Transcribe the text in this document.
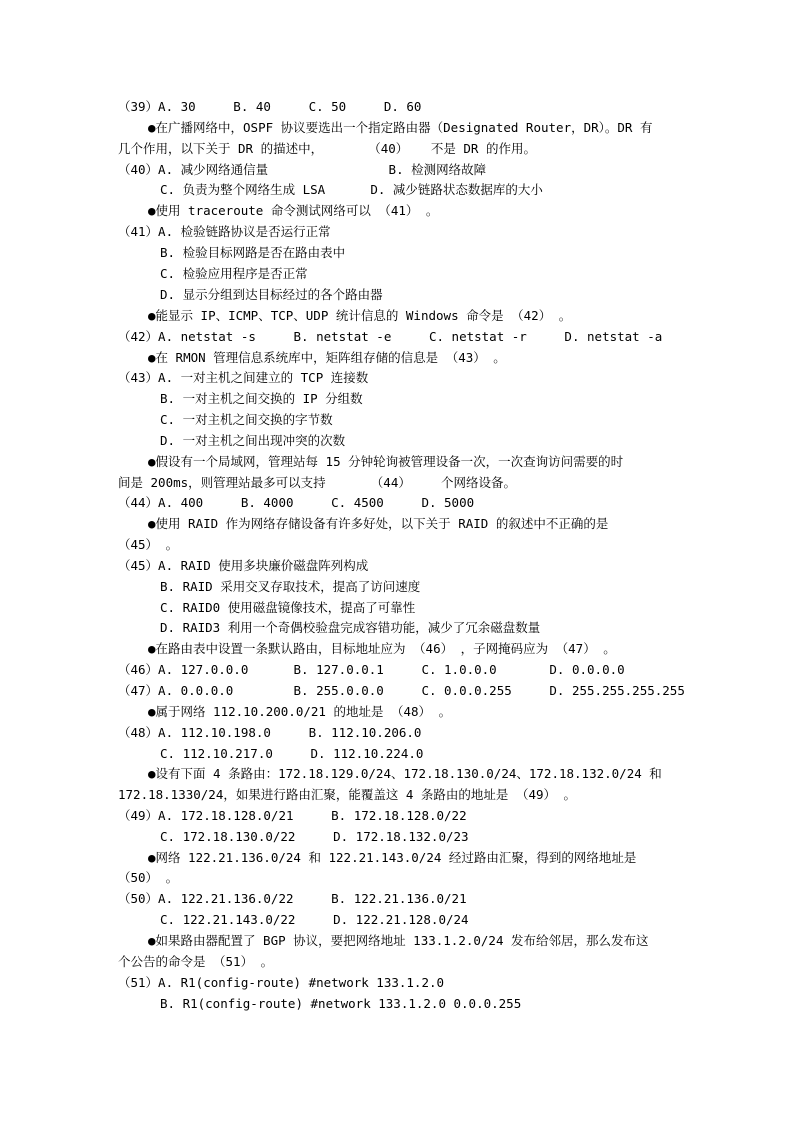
（39）A. 30     B. 40     C. 50     D. 60
●在广播网络中，OSPF 协议要选出一个指定路由器（Designated Router，DR）。DR 有
几个作用，以下关于 DR 的描述中，      （40）   不是 DR 的作用。
（40）A. 减少网络通信量                B. 检测网络故障
C. 负责为整个网络生成 LSA      D. 减少链路状态数据库的大小
●使用 traceroute 命令测试网络可以 （41） 。
（41）A. 检验链路协议是否运行正常
B. 检验目标网路是否在路由表中
C. 检验应用程序是否正常
D. 显示分组到达目标经过的各个路由器
●能显示 IP、ICMP、TCP、UDP 统计信息的 Windows 命令是 （42） 。
（42）A. netstat -s     B. netstat -e     C. netstat -r     D. netstat -a
●在 RMON 管理信息系统库中，矩阵组存储的信息是 （43） 。
（43）A. 一对主机之间建立的 TCP 连接数
B. 一对主机之间交换的 IP 分组数
C. 一对主机之间交换的字节数
D. 一对主机之间出现冲突的次数
●假设有一个局域网，管理站每 15 分钟轮询被管理设备一次，一次查询访问需要的时
间是 200ms，则管理站最多可以支持      （44）    个网络设备。
（44）A. 400     B. 4000     C. 4500     D. 5000
●使用 RAID 作为网络存储设备有许多好处，以下关于 RAID 的叙述中不正确的是
（45） 。
（45）A. RAID 使用多块廉价磁盘阵列构成
B. RAID 采用交叉存取技术，提高了访问速度
C. RAID0 使用磁盘镜像技术，提高了可靠性
D. RAID3 利用一个奇偶校验盘完成容错功能，减少了冗余磁盘数量
●在路由表中设置一条默认路由，目标地址应为 （46） ，子网掩码应为 （47） 。
（46）A. 127.0.0.0      B. 127.0.0.1     C. 1.0.0.0       D. 0.0.0.0
（47）A. 0.0.0.0        B. 255.0.0.0     C. 0.0.0.255     D. 255.255.255.255
●属于网络 112.10.200.0/21 的地址是 （48） 。
（48）A. 112.10.198.0     B. 112.10.206.0
C. 112.10.217.0     D. 112.10.224.0
●设有下面 4 条路由：172.18.129.0/24、172.18.130.0/24、172.18.132.0/24 和
172.18.1330/24，如果进行路由汇聚，能覆盖这 4 条路由的地址是 （49） 。
（49）A. 172.18.128.0/21     B. 172.18.128.0/22
C. 172.18.130.0/22     D. 172.18.132.0/23
●网络 122.21.136.0/24 和 122.21.143.0/24 经过路由汇聚，得到的网络地址是
（50） 。
（50）A. 122.21.136.0/22     B. 122.21.136.0/21
C. 122.21.143.0/22     D. 122.21.128.0/24
●如果路由器配置了 BGP 协议，要把网络地址 133.1.2.0/24 发布给邻居，那么发布这
个公告的命令是 （51） 。
（51）A. R1(config-route) #network 133.1.2.0
B. R1(config-route) #network 133.1.2.0 0.0.0.255
